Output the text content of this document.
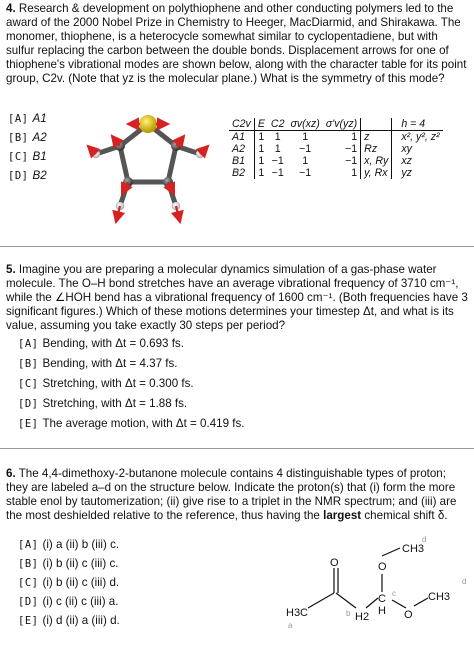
4. Research & development on polythiophene and other conducting polymers led to the award of the 2000 Nobel Prize in Chemistry to Heeger, MacDiarmid, and Shirakawa. The monomer, thiophene, is a heterocycle somewhat similar to cyclopentadiene, but with sulfur replacing the carbon between the double bonds. Displacement arrows for one of thiophene's vibrational modes are shown below, along with the character table for its point group, C2v. (Note that yz is the molecular plane.) What is the symmetry of this mode?

[A] A1
[B] A2
[C] B1
[D] B2
C2v	E	C2	σv(xz)	σ'v(yz)			h = 4
A1	1	1	1	1	z		x², y², z²
A2	1	1	−1	−1	Rz		xy
B1	1	−1	1	−1	x, Ry		xz
B2	1	−1	−1	1	y, Rx		yz

5. Imagine you are preparing a molecular dynamics simulation of a gas-phase water molecule. The O–H bond stretches have an average vibrational frequency of 3710 cm⁻¹, while the ∠HOH bend has a vibrational frequency of 1600 cm⁻¹. (Both frequencies have 3 significant figures.) Which of these motions determines your timestep Δt, and what is its value, assuming you take exactly 30 steps per period?

[A] Bending, with Δt = 0.693 fs.
[B] Bending, with Δt = 4.37 fs.
[C] Stretching, with Δt = 0.300 fs.
[D] Stretching, with Δt = 1.88 fs.
[E] The average motion, with Δt = 0.419 fs.

6. The 4,4-dimethoxy-2-butanone molecule contains 4 distinguishable types of proton; they are labeled a–d on the structure below. Indicate the proton(s) that (i) form the more stable enol by tautomerization; (ii) give rise to a triplet in the NMR spectrum; and (iii) are the most deshielded relative to the reference, thus having the largest chemical shift δ.

[A] (i) a (ii) b (iii) c.
[B] (i) b (ii) c (iii) c.
[C] (i) b (ii) c (iii) d.
[D] (i) c (ii) c (iii) a.
[E] (i) d (ii) a (iii) d.
H3C
O
H2
O
C
H O
CH3
CH3
a
b
c
d
d
